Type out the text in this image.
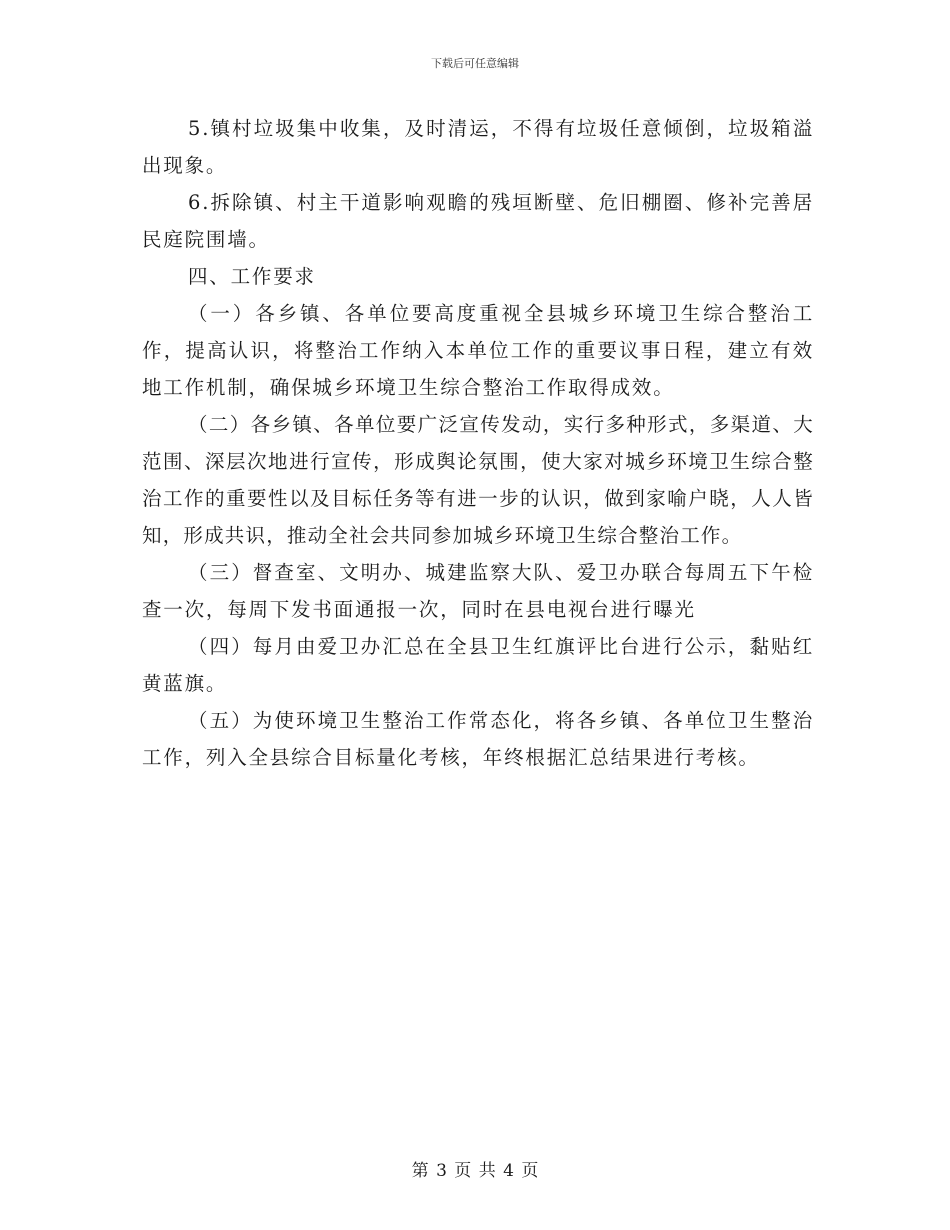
下载后可任意编辑

5.镇村垃圾集中收集，及时清运，不得有垃圾任意倾倒，垃圾箱溢出现象。

6.拆除镇、村主干道影响观瞻的残垣断壁、危旧棚圈、修补完善居民庭院围墙。

四、工作要求

（一）各乡镇、各单位要高度重视全县城乡环境卫生综合整治工作，提高认识，将整治工作纳入本单位工作的重要议事日程，建立有效地工作机制，确保城乡环境卫生综合整治工作取得成效。

（二）各乡镇、各单位要广泛宣传发动，实行多种形式，多渠道、大范围、深层次地进行宣传，形成舆论氛围，使大家对城乡环境卫生综合整治工作的重要性以及目标任务等有进一步的认识，做到家喻户晓，人人皆知，形成共识，推动全社会共同参加城乡环境卫生综合整治工作。

（三）督查室、文明办、城建监察大队、爱卫办联合每周五下午检查一次，每周下发书面通报一次，同时在县电视台进行曝光

（四）每月由爱卫办汇总在全县卫生红旗评比台进行公示，黏贴红黄蓝旗。

（五）为使环境卫生整治工作常态化，将各乡镇、各单位卫生整治工作，列入全县综合目标量化考核，年终根据汇总结果进行考核。

第 3 页 共 4 页
